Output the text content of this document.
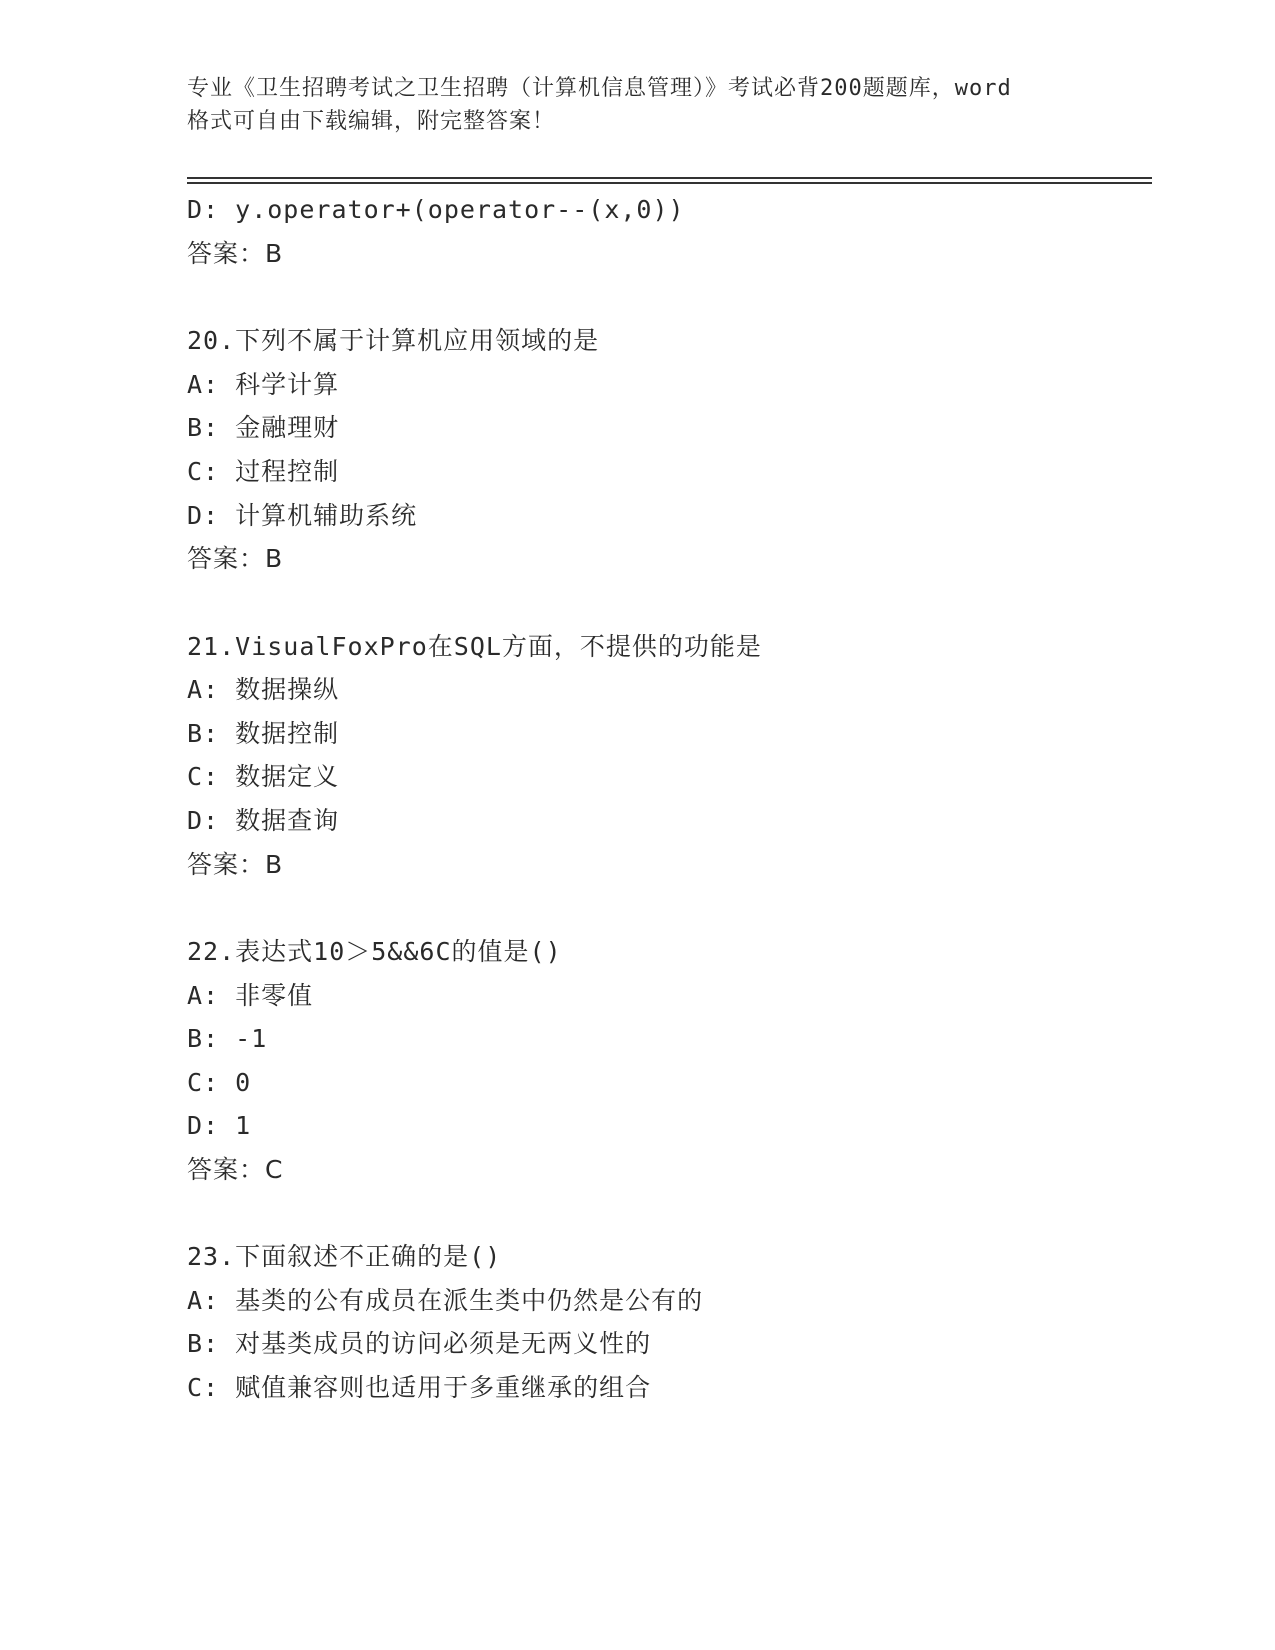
专业《卫生招聘考试之卫生招聘（计算机信息管理）》考试必背200题题库，word
格式可自由下载编辑，附完整答案！
D: y.operator+(operator--(x,0))
答案：B
20.下列不属于计算机应用领域的是
A: 科学计算
B: 金融理财
C: 过程控制
D: 计算机辅助系统
答案：B
21.VisualFoxPro在SQL方面，不提供的功能是
A: 数据操纵
B: 数据控制
C: 数据定义
D: 数据查询
答案：B
22.表达式10＞5&&6C的值是()
A: 非零值
B: -1
C: 0
D: 1
答案：C
23.下面叙述不正确的是()
A: 基类的公有成员在派生类中仍然是公有的
B: 对基类成员的访问必须是无两义性的
C: 赋值兼容则也适用于多重继承的组合
